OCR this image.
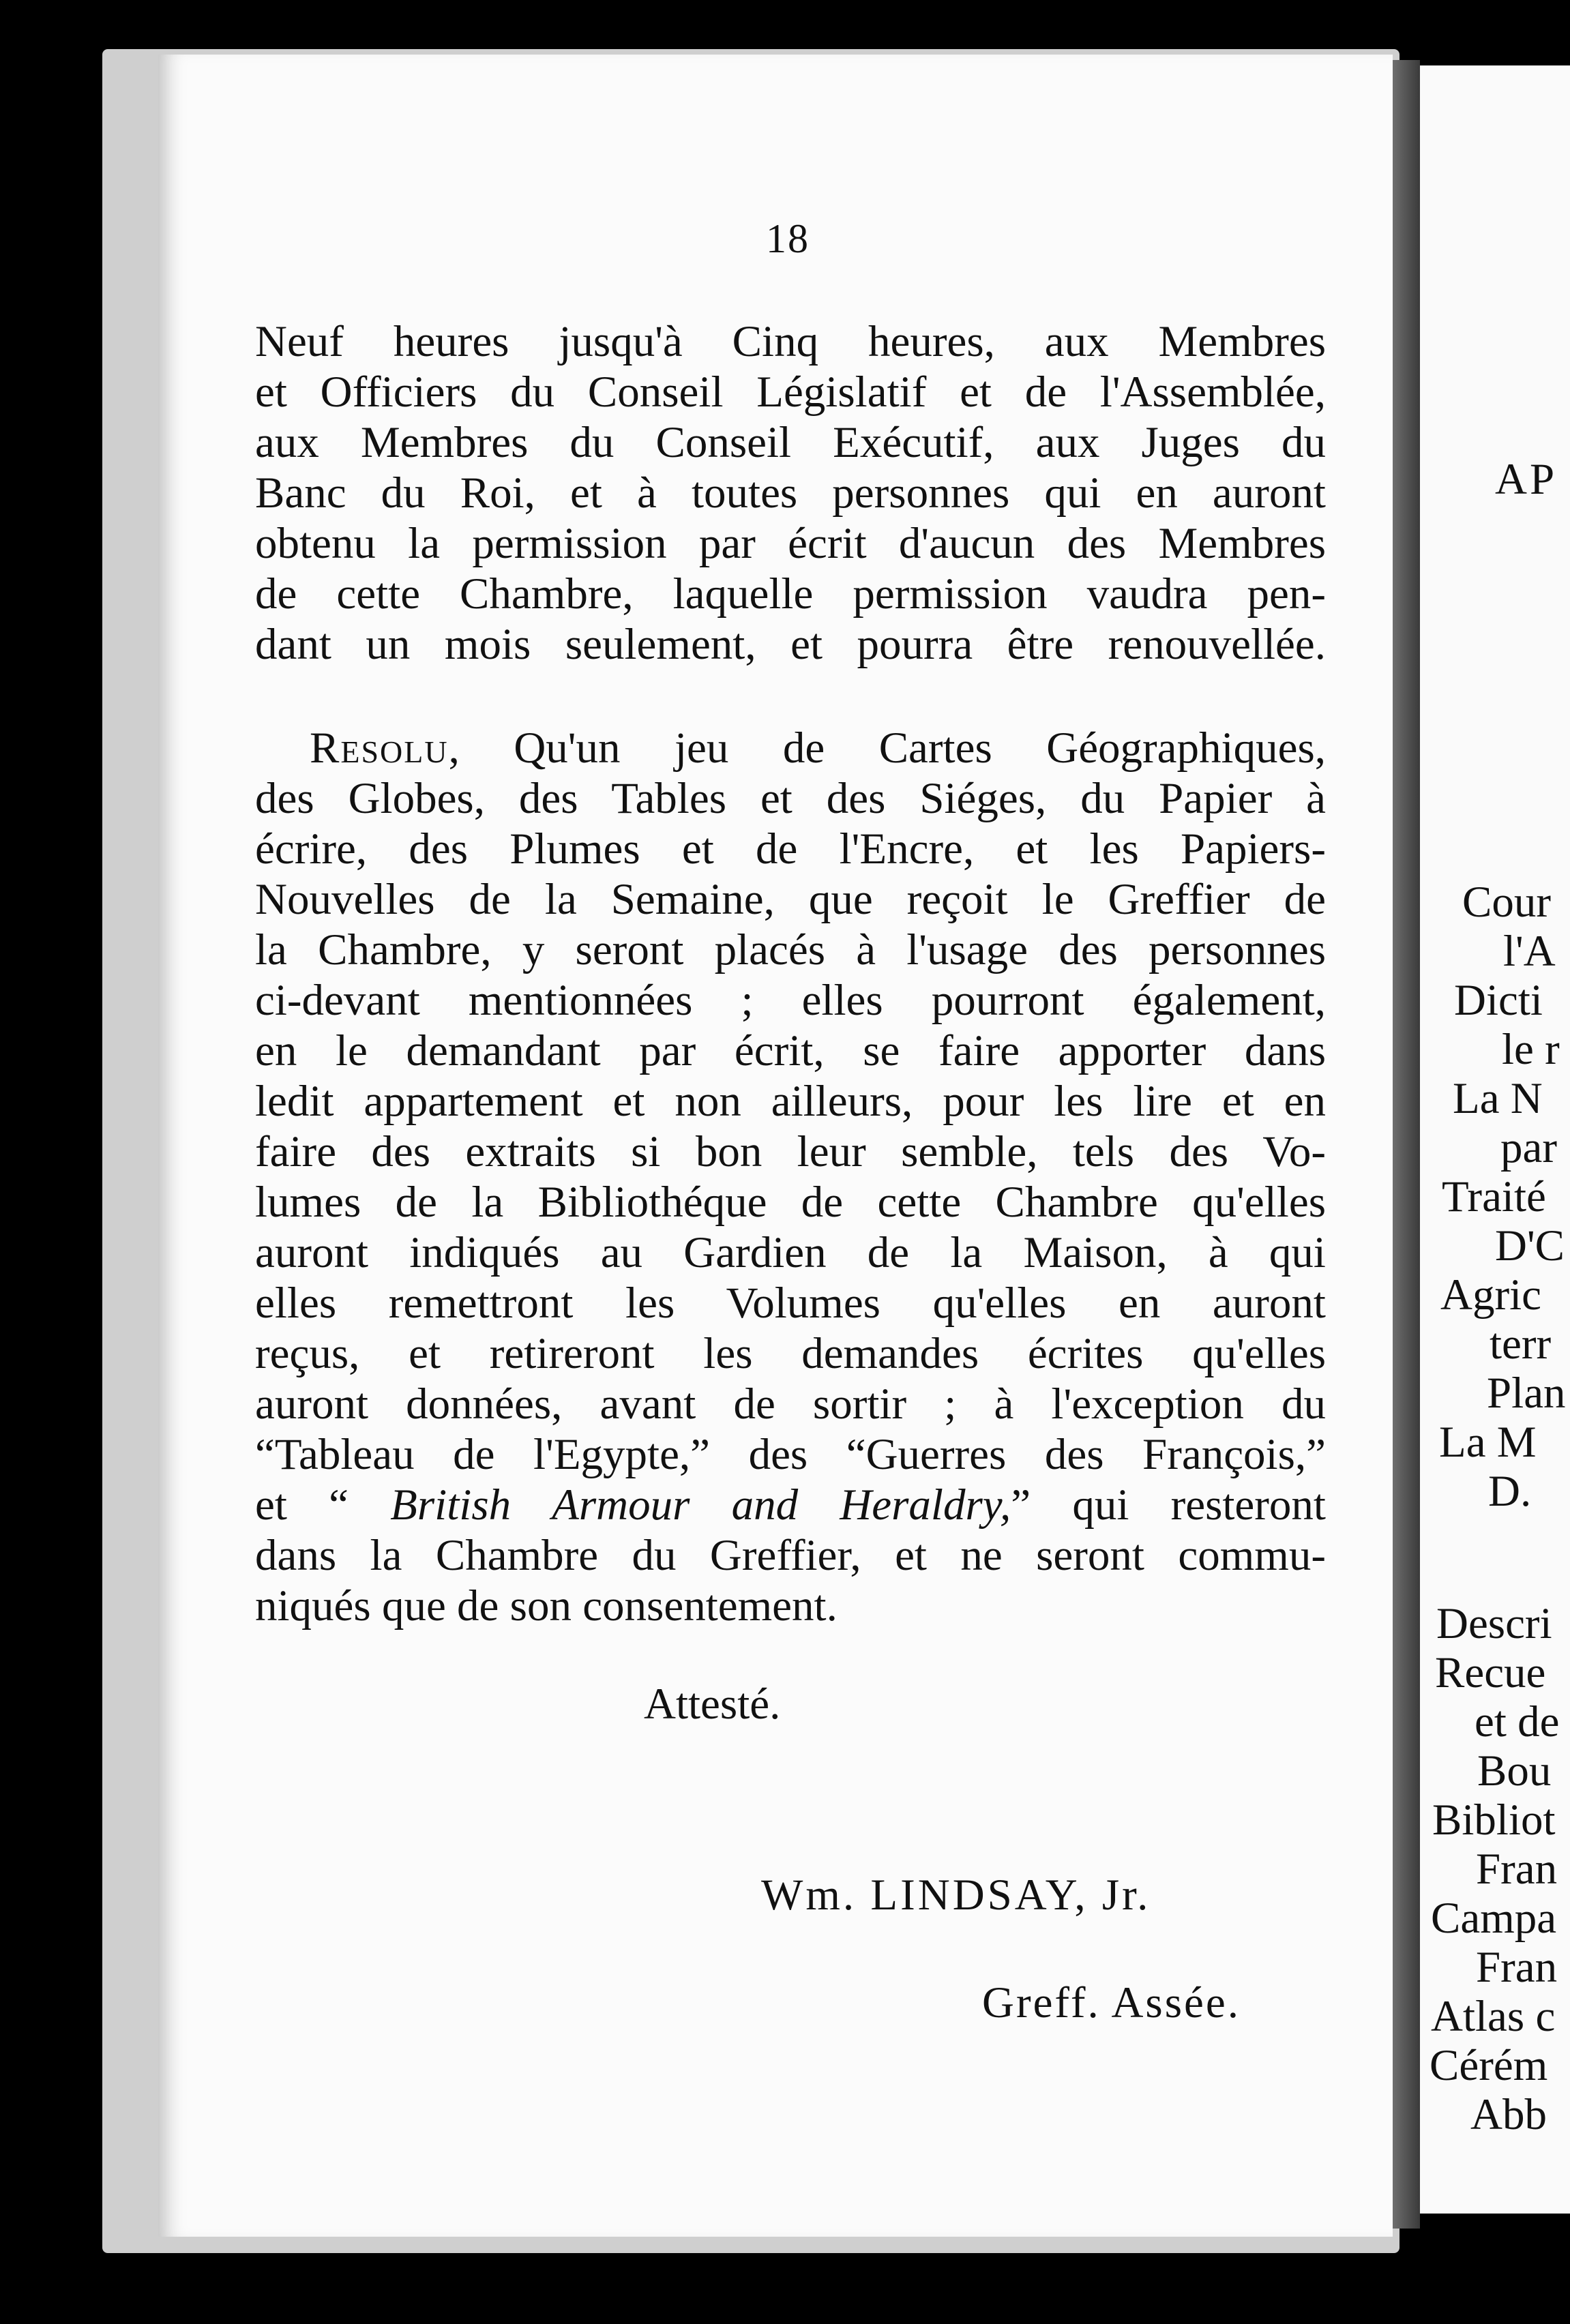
18
Neuf heures jusqu'à Cinq heures, aux Membres
et Officiers du Conseil Législatif et de l'Assemblée,
aux Membres du Conseil Exécutif, aux Juges du
Banc du Roi, et à toutes personnes qui en auront
obtenu la permission par écrit d'aucun des Membres
de cette Chambre, laquelle permission vaudra pen-
dant un mois seulement, et pourra être renouvellée.
Resolu, Qu'un jeu de Cartes Géographiques,
des Globes, des Tables et des Siéges, du Papier à
écrire, des Plumes et de l'Encre, et les Papiers-
Nouvelles de la Semaine, que reçoit le Greffier de
la Chambre, y seront placés à l'usage des personnes
ci-devant mentionnées ; elles pourront également,
en le demandant par écrit, se faire apporter dans
ledit appartement et non ailleurs, pour les lire et en
faire des extraits si bon leur semble, tels des Vo-
lumes de la Bibliothéque de cette Chambre qu'elles
auront indiqués au Gardien de la Maison, à qui
elles remettront les Volumes qu'elles en auront
reçus, et retireront les demandes écrites qu'elles
auront données, avant de sortir ; à l'exception du
“Tableau de l'Egypte,” des “Guerres des François,”
et “ British Armour and Heraldry,” qui resteront
dans la Chambre du Greffier, et ne seront commu-
niqués que de son consentement.
Attesté.
Wm. LINDSAY, Jr.
Greff. Assée.
AP
Cour
l'A
Dicti
le r
La N
par
Traité
D'C
Agric
terr
Plan
La M
D.
Descri
Recue
et de
Bou
Bibliot
Fran
Campa
Fran
Atlas c
Cérém
Abb
